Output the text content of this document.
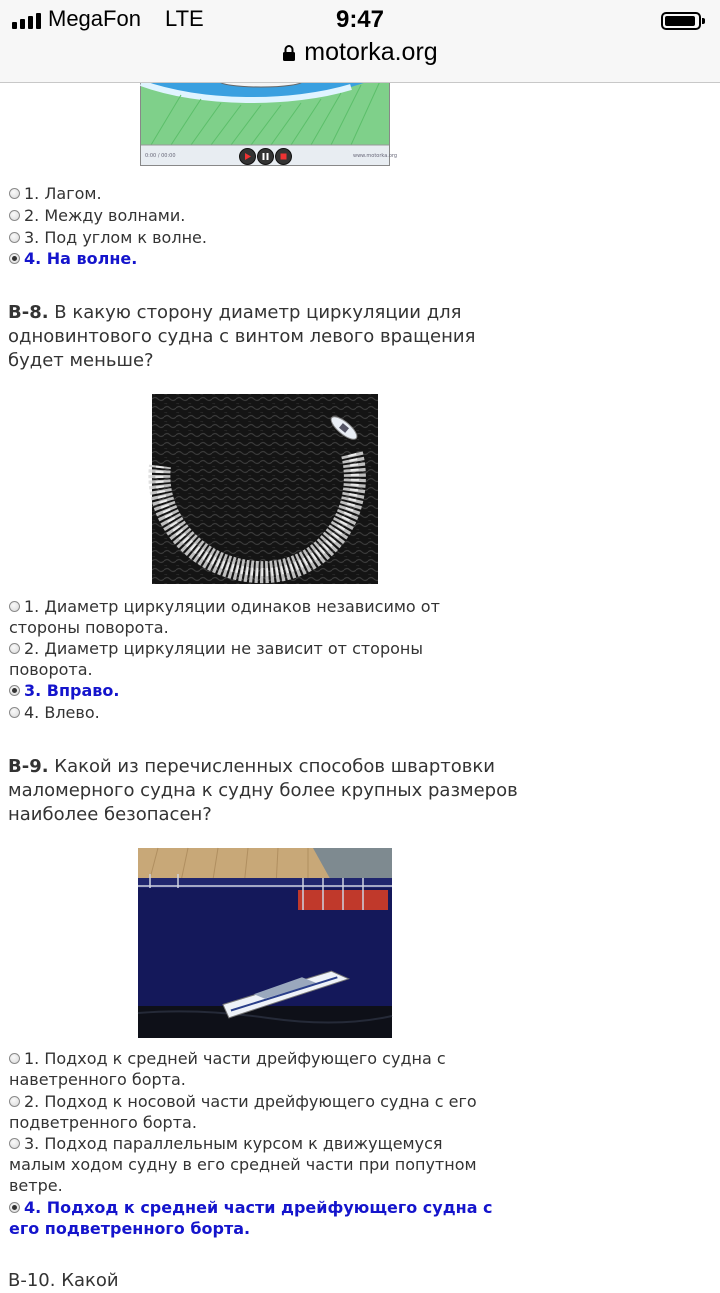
MegaFon LTE	9:47
motorka.org
0:00 / 00:00	www.motorka.org
1. Лагом.
2. Между волнами.
3. Под углом к волне.
4. На волне.
В-8. В какую сторону диаметр циркуляции для
одновинтового судна с винтом левого вращения
будет меньше?
1. Диаметр циркуляции одинаков независимо от
стороны поворота.
2. Диаметр циркуляции не зависит от стороны
поворота.
3. Вправо.
4. Влево.
В-9. Какой из перечисленных способов швартовки
маломерного судна к судну более крупных размеров
наиболее безопасен?
1. Подход к средней части дрейфующего судна с
наветренного борта.
2. Подход к носовой части дрейфующего судна с его
подветренного борта.
3. Подход параллельным курсом к движущемуся
малым ходом судну в его средней части при попутном
ветре.
4. Подход к средней части дрейфующего судна с
его подветренного борта.
В-10. Какой
